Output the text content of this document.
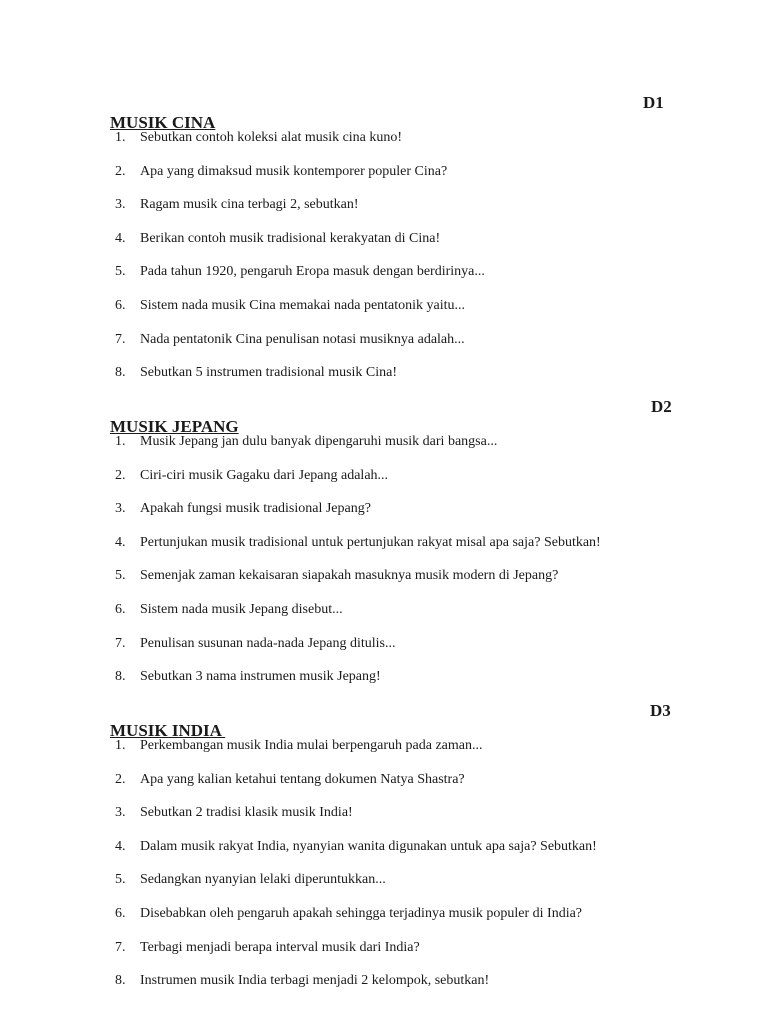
MUSIK CINA

D1
1.	Sebutkan contoh koleksi alat musik cina kuno!
2.	Apa yang dimaksud musik kontemporer populer Cina?
3.	Ragam musik cina terbagi 2, sebutkan!
4.	Berikan contoh musik tradisional kerakyatan di Cina!
5.	Pada tahun 1920, pengaruh Eropa masuk dengan berdirinya...
6.	Sistem nada musik Cina memakai nada pentatonik yaitu...
7.	Nada pentatonik Cina penulisan notasi musiknya adalah...
8.	Sebutkan 5 instrumen tradisional musik Cina!

MUSIK JEPANG

D2
1.	Musik Jepang jan dulu banyak dipengaruhi musik dari bangsa...
2.	Ciri-ciri musik Gagaku dari Jepang adalah...
3.	Apakah fungsi musik tradisional Jepang?
4.	Pertunjukan musik tradisional untuk pertunjukan rakyat misal apa saja? Sebutkan!
5.	Semenjak zaman kekaisaran siapakah masuknya musik modern di Jepang?
6.	Sistem nada musik Jepang disebut...
7.	Penulisan susunan nada-nada Jepang ditulis...
8.	Sebutkan 3 nama instrumen musik Jepang!

MUSIK INDIA

D3
1.	Perkembangan musik India mulai berpengaruh pada zaman...
2.	Apa yang kalian ketahui tentang dokumen Natya Shastra?
3.	Sebutkan 2 tradisi klasik musik India!
4.	Dalam musik rakyat India, nyanyian wanita digunakan untuk apa saja? Sebutkan!
5.	Sedangkan nyanyian lelaki diperuntukkan...
6.	Disebabkan oleh pengaruh apakah sehingga terjadinya musik populer di India?
7.	Terbagi menjadi berapa interval musik dari India?
8.	Instrumen musik India terbagi menjadi 2 kelompok, sebutkan!
